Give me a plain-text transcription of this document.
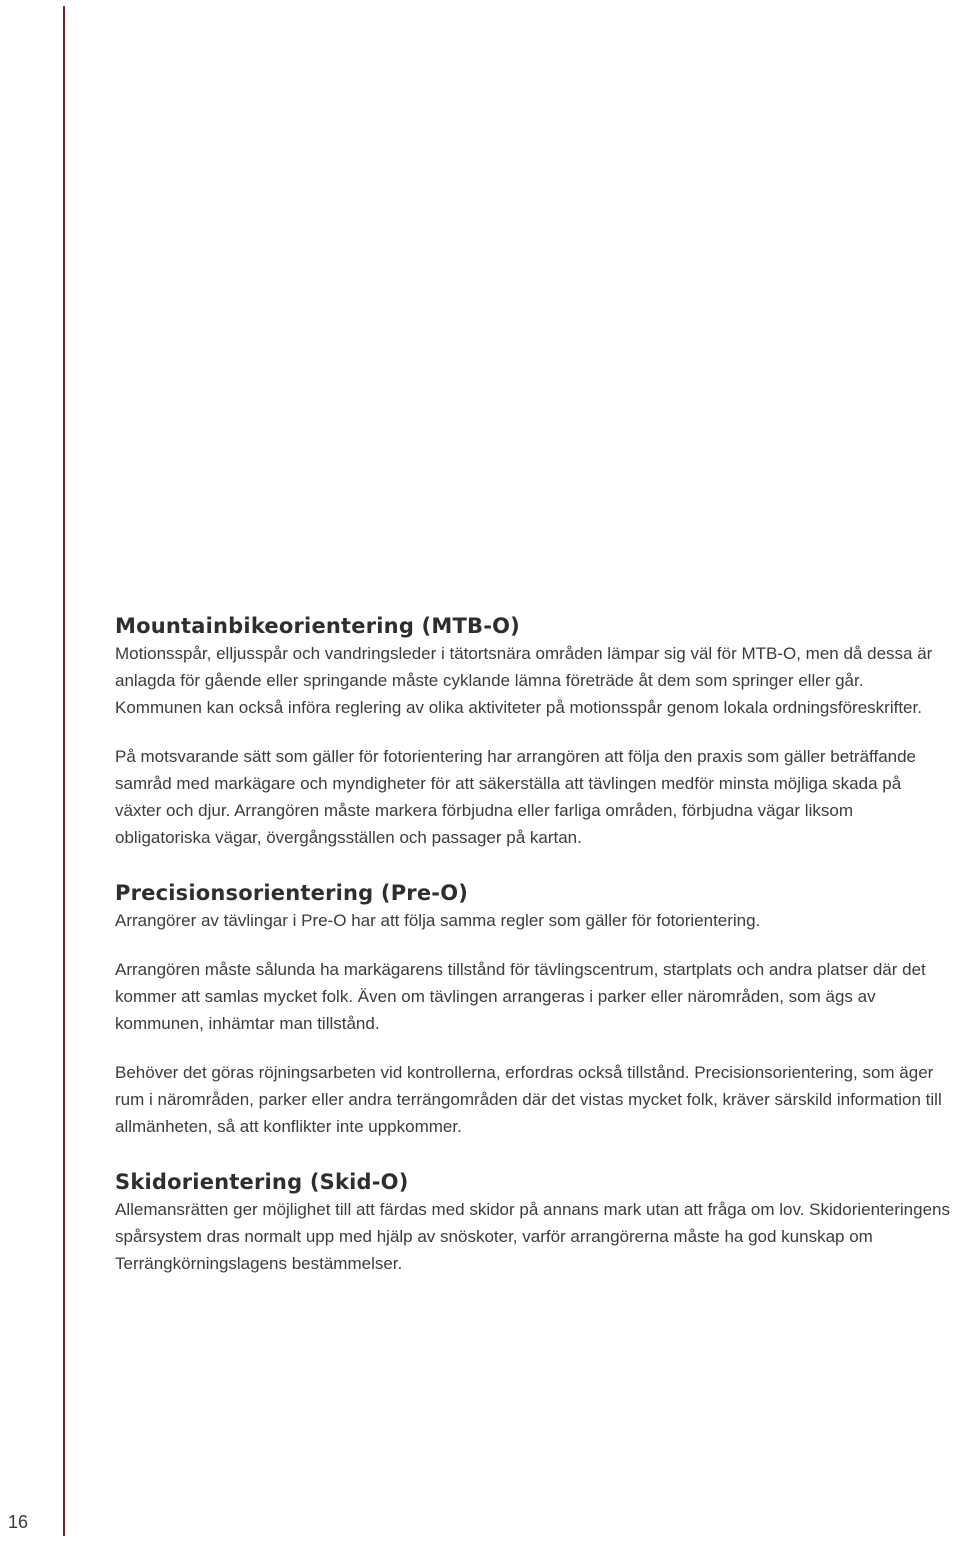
Mountainbikeorientering (MTB-O)

Motionsspår, elljusspår och vandringsleder i tätortsnära områden lämpar sig väl för MTB-O, men då dessa är anlagda för gående eller springande måste cyklande lämna företräde åt dem som springer eller går. Kommunen kan också införa reglering av olika aktiviteter på motionsspår genom lokala ordningsföreskrifter.

På motsvarande sätt som gäller för fotorientering har arrangören att följa den praxis som gäller beträffande samråd med markägare och myndigheter för att säkerställa att tävlingen medför minsta möjliga skada på växter och djur. Arrangören måste markera förbjudna eller farliga områden, förbjudna vägar liksom obligatoriska vägar, övergångsställen och passager på kartan.

Precisionsorientering (Pre-O)

Arrangörer av tävlingar i Pre-O har att följa samma regler som gäller för fotorientering.

Arrangören måste sålunda ha markägarens tillstånd för tävlingscentrum, startplats och andra platser där det kommer att samlas mycket folk. Även om tävlingen arrangeras i parker eller närområden, som ägs av kommunen, inhämtar man tillstånd.

Behöver det göras röjningsarbeten vid kontrollerna, erfordras också tillstånd. Precisionsorientering, som äger rum i närområden, parker eller andra terrängområden där det vistas mycket folk, kräver särskild information till allmänheten, så att konflikter inte uppkommer.

Skidorientering (Skid-O)

Allemansrätten ger möjlighet till att färdas med skidor på annans mark utan att fråga om lov. Skidorienteringens spårsystem dras normalt upp med hjälp av snöskoter, varför arrangörerna måste ha god kunskap om Terrängkörningslagens bestämmelser.

16
